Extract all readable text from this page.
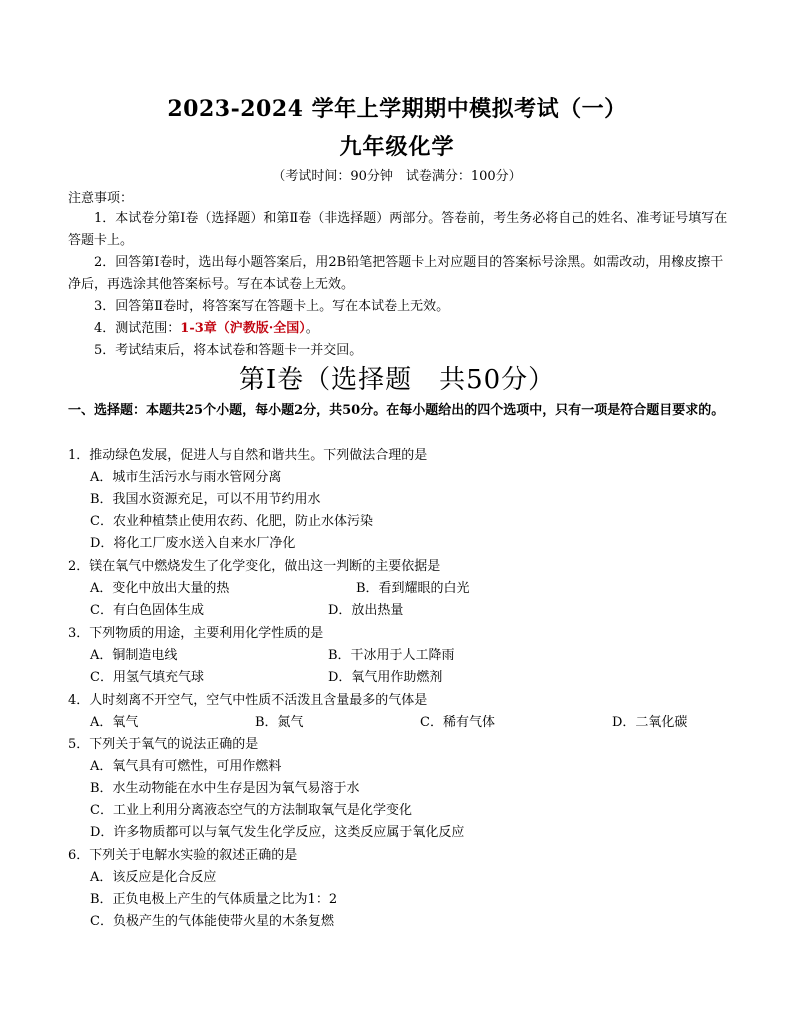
2023-2024 学年上学期期中模拟考试（一）
九年级化学
（考试时间：90分钟　试卷满分：100分）
注意事项：
1．本试卷分第Ⅰ卷（选择题）和第Ⅱ卷（非选择题）两部分。答卷前，考生务必将自己的姓名、准考证号填写在答题卡上。
2．回答第Ⅰ卷时，选出每小题答案后，用2B铅笔把答题卡上对应题目的答案标号涂黑。如需改动，用橡皮擦干净后，再选涂其他答案标号。写在本试卷上无效。
3．回答第Ⅱ卷时，将答案写在答题卡上。写在本试卷上无效。
4．测试范围：1-3章（沪教版·全国）。
5．考试结束后，将本试卷和答题卡一并交回。
第Ⅰ卷（选择题　共50分）
一、选择题：本题共25个小题，每小题2分，共50分。在每小题给出的四个选项中，只有一项是符合题目要求的。
1．推动绿色发展，促进人与自然和谐共生。下列做法合理的是
A．城市生活污水与雨水管网分离
B．我国水资源充足，可以不用节约用水
C．农业种植禁止使用农药、化肥，防止水体污染
D．将化工厂废水送入自来水厂净化
2．镁在氧气中燃烧发生了化学变化，做出这一判断的主要依据是
A．变化中放出大量的热	B．看到耀眼的白光
C．有白色固体生成	D．放出热量
3．下列物质的用途，主要利用化学性质的是
A．铜制造电线	B．干冰用于人工降雨
C．用氢气填充气球	D．氧气用作助燃剂
4．人时刻离不开空气，空气中性质不活泼且含量最多的气体是
A．氧气	B．氮气	C．稀有气体	D．二氧化碳
5．下列关于氧气的说法正确的是
A．氧气具有可燃性，可用作燃料
B．水生动物能在水中生存是因为氧气易溶于水
C．工业上利用分离液态空气的方法制取氧气是化学变化
D．许多物质都可以与氧气发生化学反应，这类反应属于氧化反应
6．下列关于电解水实验的叙述正确的是
A．该反应是化合反应
B．正负电极上产生的气体质量之比为1：2
C．负极产生的气体能使带火星的木条复燃
